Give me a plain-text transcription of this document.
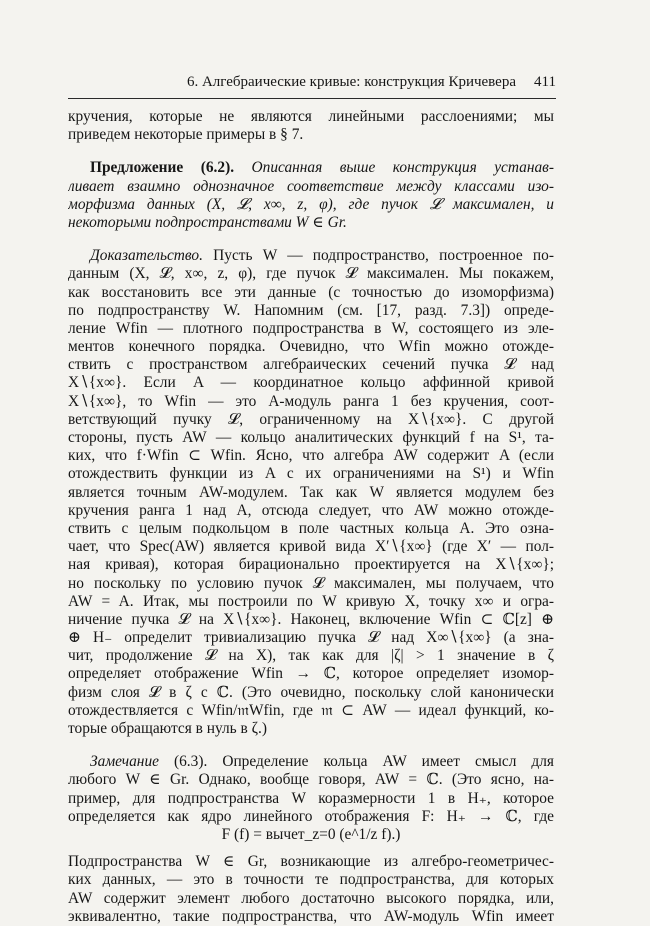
6. Алгебраические кривые: конструкция Кричевера 411
кручения, которые не являются линейными расслоениями; мы
приведем некоторые примеры в § 7.
Предложение (6.2). Описанная выше конструкция устанав-
ливает взаимно однозначное соответствие между классами изо-
морфизма данных (X, 𝓛, x∞, z, φ), где пучок 𝓛 максимален, и
некоторыми подпространствами W ∈ Gr.
Доказательство. Пусть W — подпространство, построенное по-
данным (X, 𝓛, x∞, z, φ), где пучок 𝓛 максимален. Мы покажем,
как восстановить все эти данные (с точностью до изоморфизма)
по подпространству W. Напомним (см. [17, разд. 7.3]) опреде-
ление Wfin — плотного подпространства в W, состоящего из эле-
ментов конечного порядка. Очевидно, что Wfin можно отожде-
ствить с пространством алгебраических сечений пучка 𝓛 над
X∖{x∞}. Если A — координатное кольцо аффинной кривой
X∖{x∞}, то Wfin — это A-модуль ранга 1 без кручения, соот-
ветствующий пучку 𝓛, ограниченному на X∖{x∞}. С другой
стороны, пусть AW — кольцо аналитических функций f на S¹, та-
ких, что f·Wfin ⊂ Wfin. Ясно, что алгебра AW содержит A (если
отождествить функции из A с их ограничениями на S¹) и Wfin
является точным AW-модулем. Так как W является модулем без
кручения ранга 1 над A, отсюда следует, что AW можно отожде-
ствить с целым подкольцом в поле частных кольца A. Это озна-
чает, что Spec(AW) является кривой вида X′∖{x∞} (где X′ — пол-
ная кривая), которая бирационально проектируется на X∖{x∞};
но поскольку по условию пучок 𝓛 максимален, мы получаем, что
AW = A. Итак, мы построили по W кривую X, точку x∞ и огра-
ничение пучка 𝓛 на X∖{x∞}. Наконец, включение Wfin ⊂ ℂ[z] ⊕
⊕ H₋ определит тривиализацию пучка 𝓛 над X∞∖{x∞} (а зна-
чит, продолжение 𝓛 на X), так как для |ζ| > 1 значение в ζ
определяет отображение Wfin → ℂ, которое определяет изомор-
физм слоя 𝓛 в ζ с ℂ. (Это очевидно, поскольку слой канонически
отождествляется с Wfin/𝔪Wfin, где 𝔪 ⊂ AW — идеал функций, ко-
торые обращаются в нуль в ζ.)
Замечание (6.3). Определение кольца AW имеет смысл для
любого W ∈ Gr. Однако, вообще говоря, AW = ℂ. (Это ясно, на-
пример, для подпространства W коразмерности 1 в H₊, которое
определяется как ядро линейного отображения F: H₊ → ℂ, где
F (f) = вычет_z=0 (e^1/z f).)
Подпространства W ∈ Gr, возникающие из алгебро-геометричес-
ких данных, — это в точности те подпространства, для которых
AW содержит элемент любого достаточно высокого порядка, или,
эквивалентно, такие подпространства, что AW-модуль Wfin имеет
